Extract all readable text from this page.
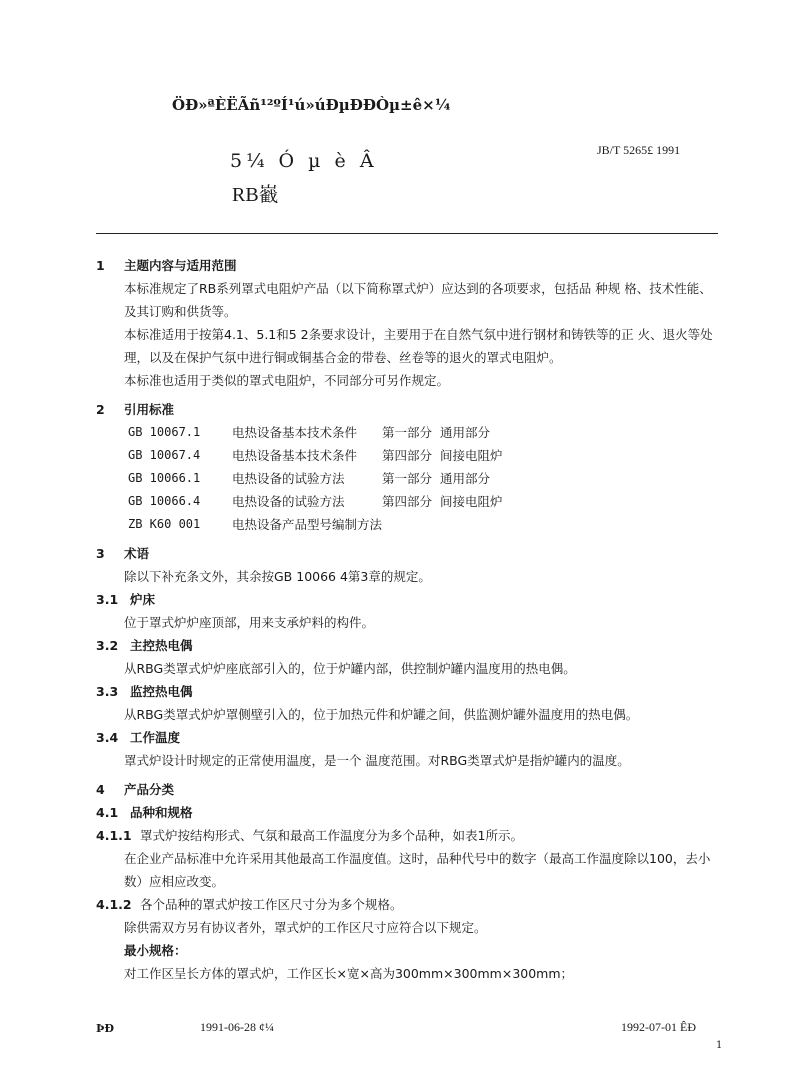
ÖÐ»ªÈËÃñ¹²ºÍ¹ú»úÐµÐÐÒµ±ê×¼
5¼ Ó µ è Â	JB/T 5265£ 1991
RB巀

1 主题内容与适用范围

本标准规定了RB系列罩式电阻炉产品（以下简称罩式炉）应达到的各项要求，包括品 种规 格、技术性能、及其订购和供货等。

本标准适用于按第4.1、5.1和5 2条要求设计，主要用于在自然气氛中进行钢材和铸铁等的正 火、退火等处理，以及在保护气氛中进行铜或铜基合金的带卷、丝卷等的退火的罩式电阻炉。

本标准也适用于类似的罩式电阻炉，不同部分可另作规定。

2 引用标准

GB 10067.1	电热设备基本技术条件	第一部分	通用部分
GB 10067.4	电热设备基本技术条件	第四部分	间接电阻炉
GB 10066.1	电热设备的试验方法	第一部分	通用部分
GB 10066.4	电热设备的试验方法	第四部分	间接电阻炉
ZB K60 001	电热设备产品型号编制方法		

3 术语

除以下补充条文外，其余按GB 10066 4第3章的规定。

3.1 炉床

位于罩式炉炉座顶部，用来支承炉料的构件。

3.2 主控热电偶

从RBG类罩式炉炉座底部引入的，位于炉罐内部，供控制炉罐内温度用的热电偶。

3.3 监控热电偶

从RBG类罩式炉炉罩侧壁引入的，位于加热元件和炉罐之间，供监测炉罐外温度用的热电偶。

3.4 工作温度

罩式炉设计时规定的正常使用温度，是一个 温度范围。对RBG类罩式炉是指炉罐内的温度。

4 产品分类

4.1 品种和规格

4.1.1 罩式炉按结构形式、气氛和最高工作温度分为多个品种，如表1所示。

在企业产品标准中允许采用其他最高工作温度值。这时，品种代号中的数字（最高工作温度除以100，去小数）应相应改变。

4.1.2 各个品种的罩式炉按工作区尺寸分为多个规格。

除供需双方另有协议者外，罩式炉的工作区尺寸应符合以下规定。

最小规格：

对工作区呈长方体的罩式炉，工作区长×宽×高为300mm×300mm×300mm；

ÞÐ	1991-06-28 ¢¼	1992-07-01 ÊÐ
1
